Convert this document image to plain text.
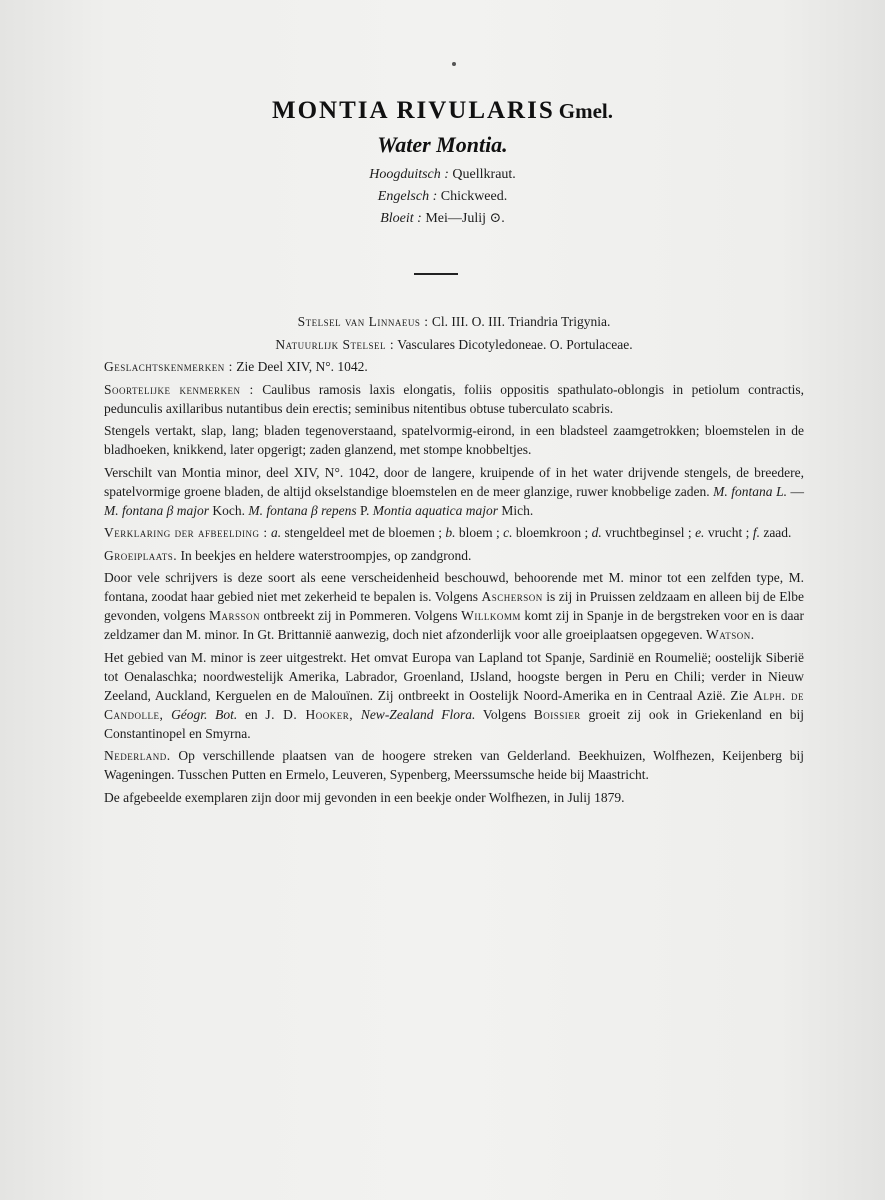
MONTIA RIVULARIS Gmel.
Water Montia.
Hoogduitsch : Quellkraut.
Engelsch : Chickweed.
Bloeit : Mei—Julij ⊙.

Stelsel van Linnaeus : Cl. III. O. III. Triandria Trigynia.

Natuurlijk Stelsel : Vasculares Dicotyledoneae. O. Portulaceae.

Geslachtskenmerken : Zie Deel XIV, N°. 1042.

Soortelijke kenmerken : Caulibus ramosis laxis elongatis, foliis oppositis spathulato-oblongis in petiolum contractis, pedunculis axillaribus nutantibus dein erectis; seminibus nitentibus obtuse tuberculato scabris.

Stengels vertakt, slap, lang; bladen tegenoverstaand, spatelvormig-eirond, in een bladsteel zaamgetrokken; bloemstelen in de bladhoeken, knikkend, later opgerigt; zaden glanzend, met stompe knobbeltjes.

Verschilt van Montia minor, deel XIV, N°. 1042, door de langere, kruipende of in het water drijvende stengels, de breedere, spatelvormige groene bladen, de altijd okselstandige bloemstelen en de meer glanzige, ruwer knobbelige zaden. M. fontana L. — M. fontana β major Koch. M. fontana β repens P. Montia aquatica major Mich.

Verklaring der afbeelding : a. stengeldeel met de bloemen ; b. bloem ; c. bloemkroon ; d. vruchtbeginsel ; e. vrucht ; f. zaad.

Groeiplaats. In beekjes en heldere waterstroompjes, op zandgrond.

Door vele schrijvers is deze soort als eene verscheidenheid beschouwd, behoorende met M. minor tot een zelfden type, M. fontana, zoodat haar gebied niet met zekerheid te bepalen is. Volgens Ascherson is zij in Pruissen zeldzaam en alleen bij de Elbe gevonden, volgens Marsson ontbreekt zij in Pommeren. Volgens Willkomm komt zij in Spanje in de bergstreken voor en is daar zeldzamer dan M. minor. In Gt. Brittannië aanwezig, doch niet afzonderlijk voor alle groeiplaatsen opgegeven. Watson.

Het gebied van M. minor is zeer uitgestrekt. Het omvat Europa van Lapland tot Spanje, Sardinië en Roumelië; oostelijk Siberië tot Oenalaschka; noordwestelijk Amerika, Labrador, Groenland, IJsland, hoogste bergen in Peru en Chili; verder in Nieuw Zeeland, Auckland, Kerguelen en de Malouïnen. Zij ontbreekt in Oostelijk Noord-Amerika en in Centraal Azië. Zie Alph. de Candolle, Géogr. Bot. en J. D. Hooker, New-Zealand Flora. Volgens Boissier groeit zij ook in Griekenland en bij Constantinopel en Smyrna.

Nederland. Op verschillende plaatsen van de hoogere streken van Gelderland. Beekhuizen, Wolfhezen, Keijenberg bij Wageningen. Tusschen Putten en Ermelo, Leuveren, Sypenberg, Meerssumsche heide bij Maastricht.

De afgebeelde exemplaren zijn door mij gevonden in een beekje onder Wolfhezen, in Julij 1879.
